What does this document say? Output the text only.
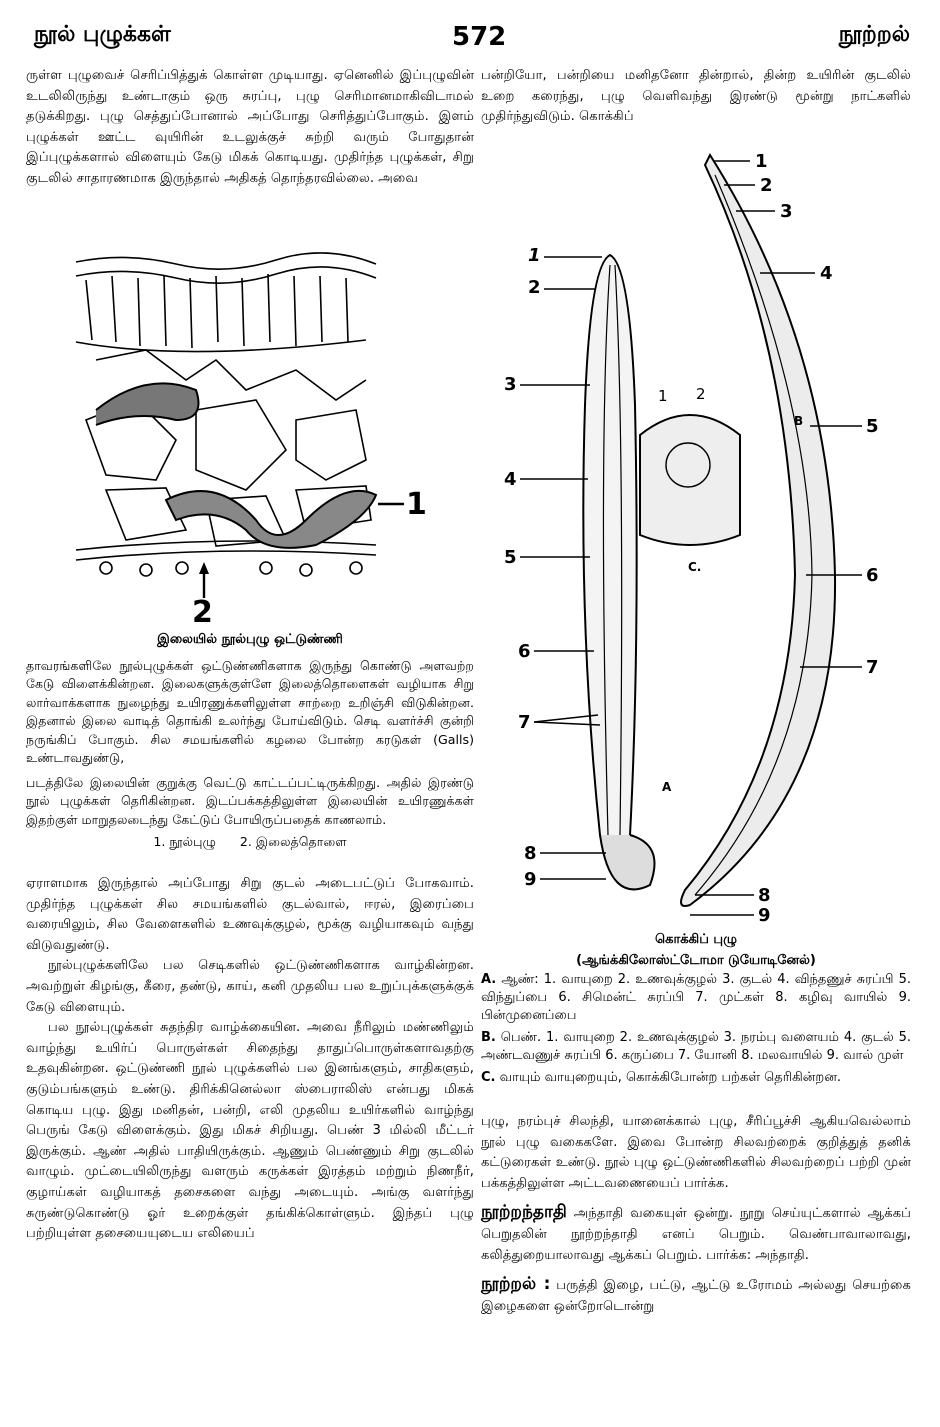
நூல் புழுக்கள்	572	நூற்றல்

ருள்ள புழுவைச் செரிப்பித்துக் கொள்ள முடியாது. ஏனெனில் இப்புழுவின் உடலிலிருந்து உண்டாகும் ஒரு சுரப்பு, புழு செரிமானமாகிவிடாமல் தடுக்கிறது. புழு செத்துப்போனால் அப்போது செரித்துப்போகும். இளம் புழுக்கள் ஊட்ட வுயிரின் உடலுக்குச் சுற்றி வரும் போதுதான் இப்புழுக்களால் விளையும் கேடு மிகக் கொடியது. முதிர்ந்த புழுக்கள், சிறு குடலில் சாதாரணமாக இருந்தால் அதிகத் தொந்தரவில்லை. அவை

1
2

இலையில் நூல்புழு ஒட்டுண்ணி

தாவரங்களிலே நூல்புழுக்கள் ஒட்டுண்ணிகளாக இருந்து கொண்டு அளவற்ற கேடு விளைக்கின்றன. இலைகளுக்குள்ளே இலைத்தொளைகள் வழியாக சிறு லார்வாக்களாக நுழைந்து உயிரணுக்களிலுள்ள சாற்றை உறிஞ்சி விடுகின்றன. இதனால் இலை வாடித் தொங்கி உலர்ந்து போய்விடும். செடி வளர்ச்சி குன்றி நருங்கிப் போகும். சில சமயங்களில் கழலை போன்ற கரடுகள் (Galls) உண்டாவதுண்டு,

படத்திலே இலையின் குறுக்கு வெட்டு காட்டப்பட்டிருக்கிறது. அதில் இரண்டு நூல் புழுக்கள் தெரிகின்றன. இடப்பக்கத்திலுள்ள இலையின் உயிரணுக்கள் இதற்குள் மாறுதலடைந்து கேட்டுப் போயிருப்பதைக் காணலாம்.

1. நூல்புழு      2. இலைத்தொளை

ஏராளமாக இருந்தால் அப்போது சிறு குடல் அடைபட்டுப் போகவாம். முதிர்ந்த புழுக்கள் சில சமயங்களில் குடல்வால், ஈரல், இரைப்பை வரையிலும், சில வேளைகளில் உணவுக்குழல், மூக்கு வழியாகவும் வந்து விடுவதுண்டு.

நூல்புழுக்களிலே பல செடிகளில் ஒட்டுண்ணிகளாக வாழ்கின்றன. அவற்றுள் கிழங்கு, கீரை, தண்டு, காய், கனி முதலிய பல உறுப்புக்களுக்குக் கேடு விளையும்.

பல நூல்புழுக்கள் சுதந்திர வாழ்க்கையின. அவை நீரிலும் மண்ணிலும் வாழ்ந்து உயிர்ப் பொருள்கள் சிதைந்து தாதுப்பொருள்களாவதற்கு உதவுகின்றன. ஒட்டுண்ணி நூல் புழுக்களில் பல இனங்களும், சாதிகளும், குடும்பங்களும் உண்டு. திரிக்கினெல்லா ஸ்பைராலிஸ் என்பது மிகக் கொடிய புழு. இது மனிதன், பன்றி, எலி முதலிய உயிர்களில் வாழ்ந்து பெருங் கேடு விளைக்கும். இது மிகச் சிறியது. பெண் 3 மில்லி மீட்டர் இருக்கும். ஆண் அதில் பாதியிருக்கும். ஆணும் பெண்ணும் சிறு குடலில் வாழும். முட்டையிலிருந்து வளரும் கருக்கள் இரத்தம் மற்றும் நிணநீர், குழாய்கள் வழியாகத் தசைகளை வந்து அடையும். அங்கு வளர்ந்து சுருண்டுகொண்டு ஓர் உறைக்குள் தங்கிக்கொள்ளும். இந்தப் புழு பற்றியுள்ள தசையையுடைய எலியைப்

பன்றியோ, பன்றியை மனிதனோ தின்றால், தின்ற உயிரின் குடலில் உறை கரைந்து, புழு வெளிவந்து இரண்டு மூன்று நாட்களில் முதிர்ந்துவிடும். கொக்கிப்

1
2
3
4
5
6
7
8
9
1
2
3
4
5
6
7
8
9
1 2
C.
A
B

கொக்கிப் புழு

(ஆங்க்கிலோஸ்ட்டோமா டுயோடினேல்)

A. ஆண்: 1. வாயுறை 2. உணவுக்குழல் 3. குடல் 4. விந்தணுச் சுரப்பி 5. விந்துப்பை 6. சிமென்ட் சுரப்பி 7. முட்கள் 8. கழிவு வாயில் 9. பின்முனைப்பை

B. பெண். 1. வாயுறை 2. உணவுக்குழல் 3. நரம்பு வளையம் 4. குடல் 5. அண்டவணுச் சுரப்பி 6. கருப்பை 7. யோனி 8. மலவாயில் 9. வால் முள்

C. வாயும் வாயுறையும், கொக்கிபோன்ற பற்கள் தெரிகின்றன.

புழு, நரம்புச் சிலந்தி, யானைக்கால் புழு, சீரிப்பூச்சி ஆகியவெல்லாம் நூல் புழு வகைகளே. இவை போன்ற சிலவற்றைக் குறித்துத் தனிக் கட்டுரைகள் உண்டு. நூல் புழு ஒட்டுண்ணிகளில் சிலவற்றைப் பற்றி முன் பக்கத்திலுள்ள அட்டவணையைப் பார்க்க.

நூற்றந்தாதி அந்தாதி வகையுள் ஒன்று. நூறு செய்யுட்களால் ஆக்கப் பெறுதலின் நூற்றந்தாதி எனப் பெறும். வெண்பாவாலாவது, கலித்துறையாலாவது ஆக்கப் பெறும். பார்க்க: அந்தாதி.

நூற்றல் : பருத்தி இழை, பட்டு, ஆட்டு உரோமம் அல்லது செயற்கை இழைகளை ஒன்றோடொன்று
